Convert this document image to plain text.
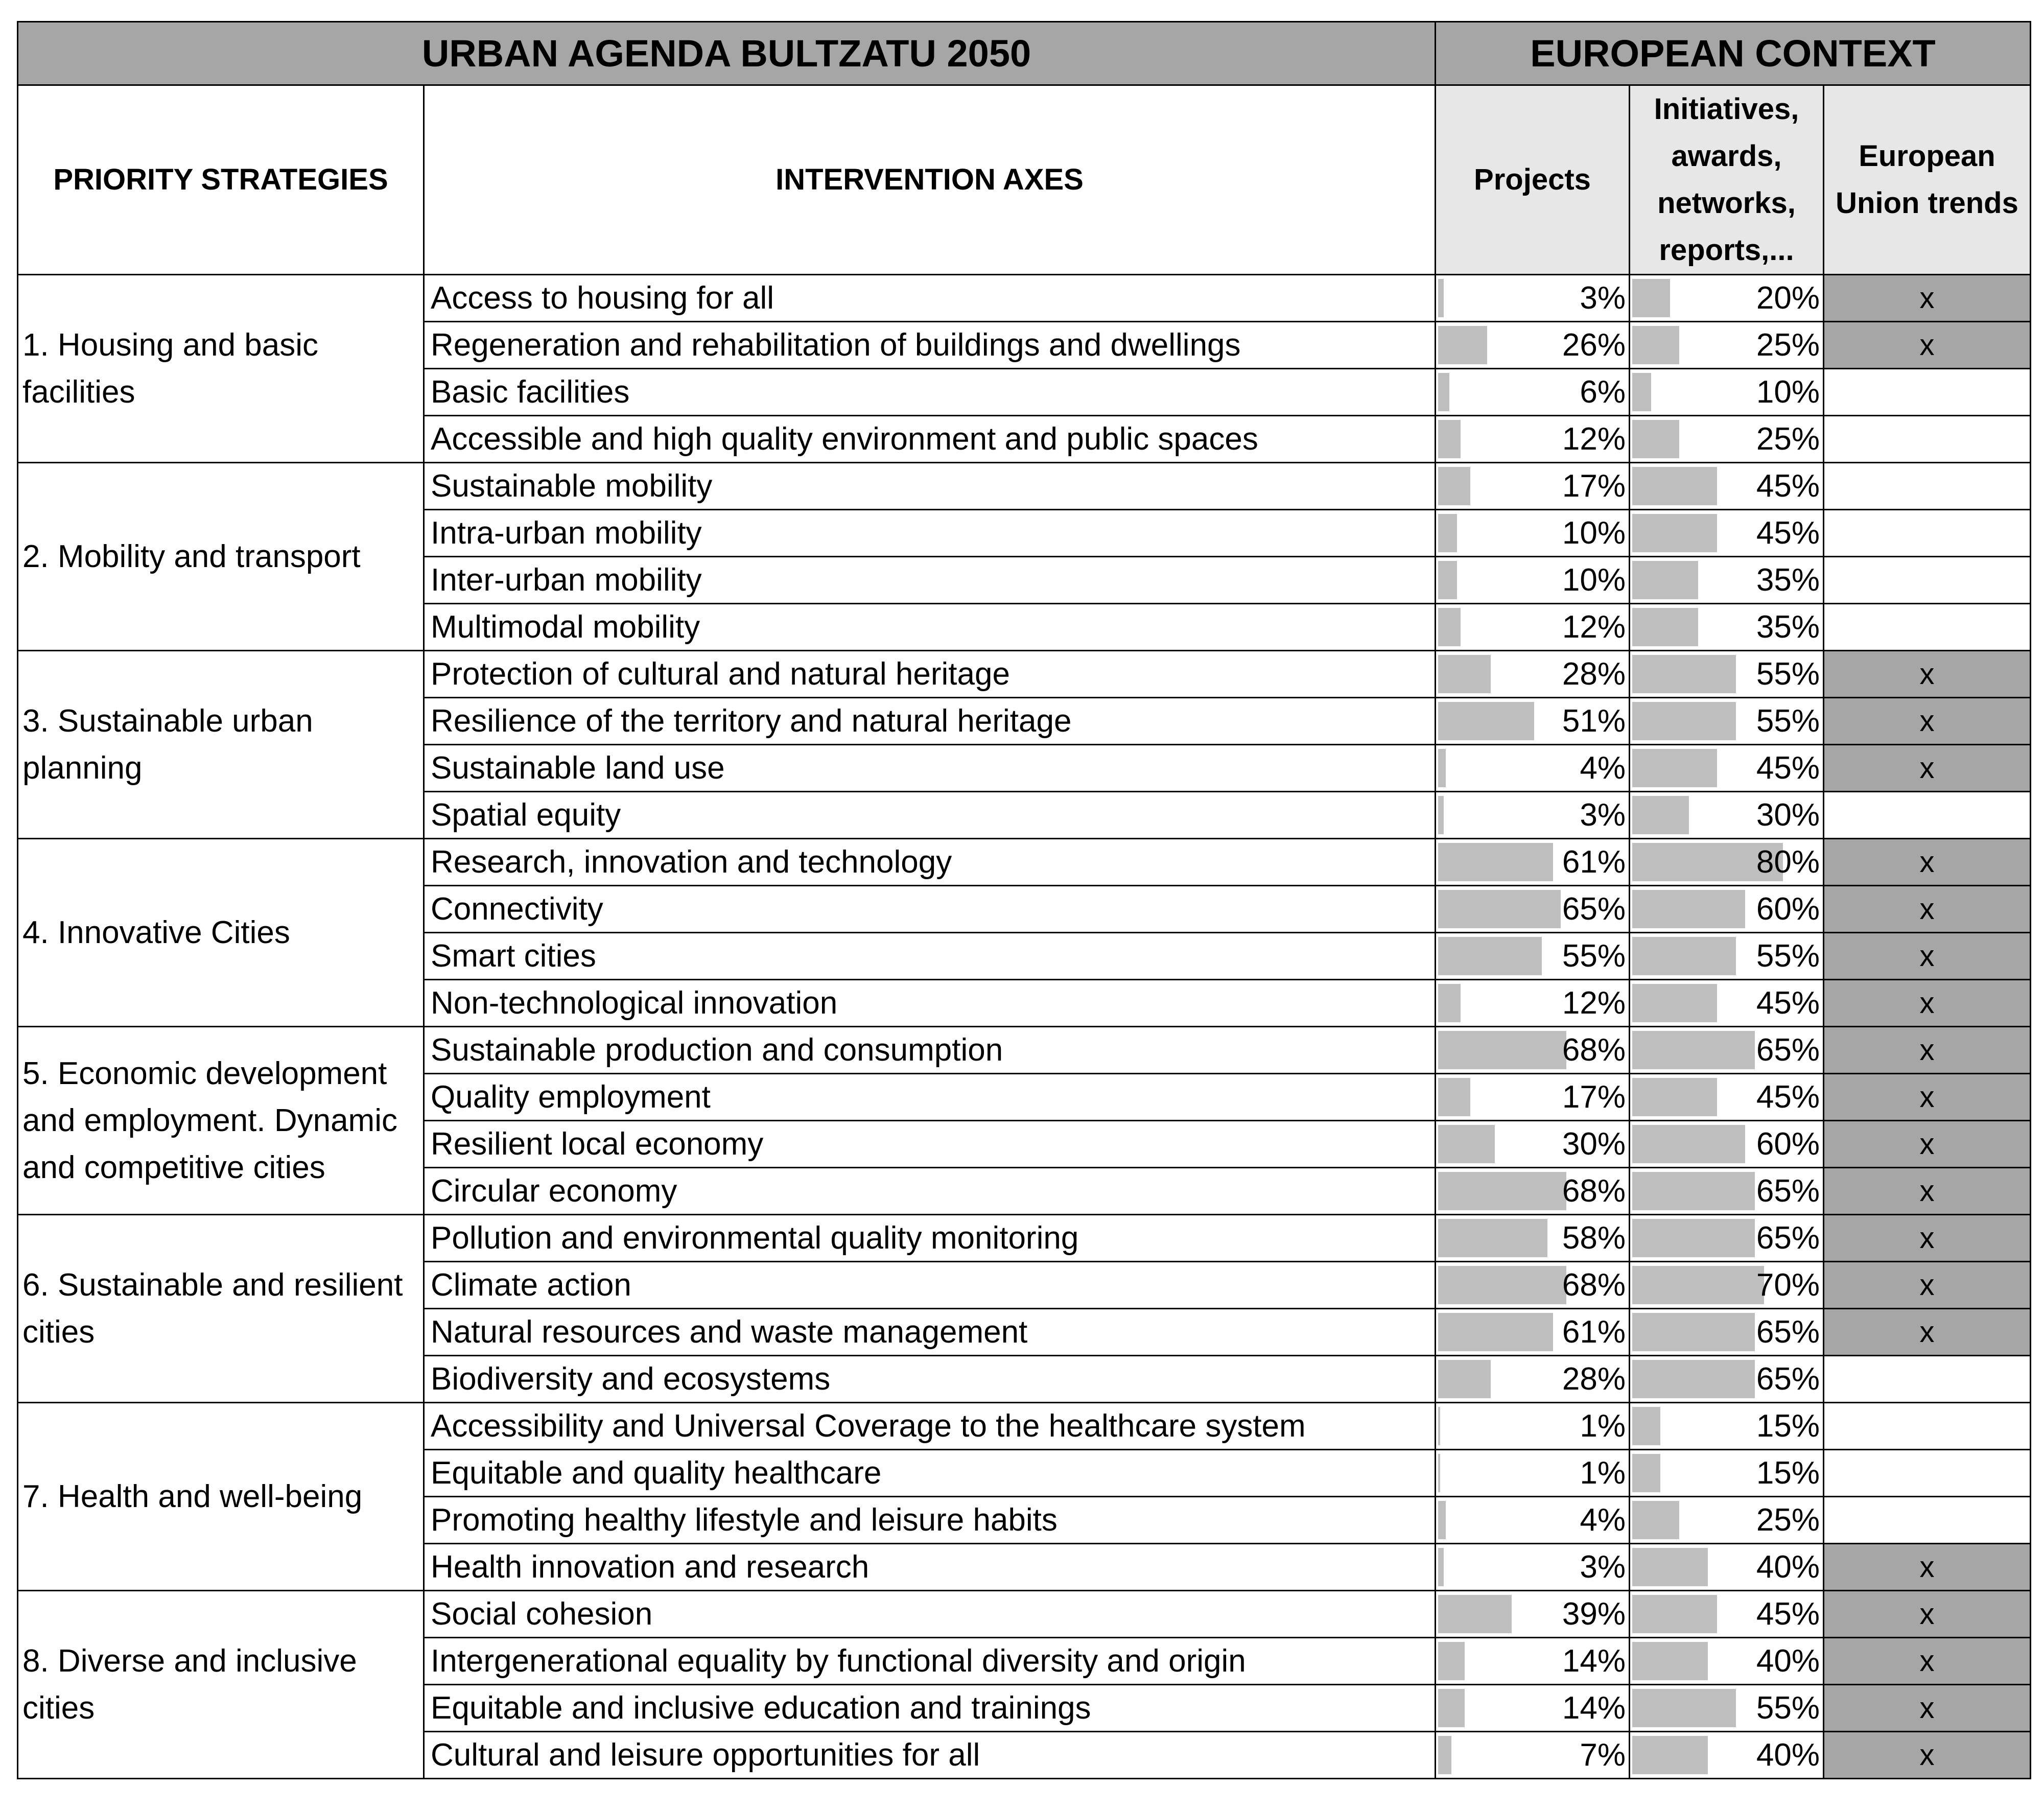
URBAN AGENDA BULTZATU 2050		EUROPEAN CONTEXT		
PRIORITY STRATEGIES	INTERVENTION AXES	Projects	Initiatives, awards, networks, reports,...	European Union trends
1. Housing and basic facilities	Access to housing for all	3%	20%	x
	Regeneration and rehabilitation of buildings and dwellings	26%	25%	x
	Basic facilities	6%	10%	
	Accessible and high quality environment and public spaces	12%	25%	
2. Mobility and transport	Sustainable mobility	17%	45%	
	Intra-urban mobility	10%	45%	
	Inter-urban mobility	10%	35%	
	Multimodal mobility	12%	35%	
3. Sustainable urban planning	Protection of cultural and natural heritage	28%	55%	x
	Resilience of the territory and natural heritage	51%	55%	x
	Sustainable land use	4%	45%	x
	Spatial equity	3%	30%	
4. Innovative Cities	Research, innovation and technology	61%	80%	x
	Connectivity	65%	60%	x
	Smart cities	55%	55%	x
	Non-technological innovation	12%	45%	x
5. Economic development and employment. Dynamic and competitive cities	Sustainable production and consumption	68%	65%	x
	Quality employment	17%	45%	x
	Resilient local economy	30%	60%	x
	Circular economy	68%	65%	x
6. Sustainable and resilient cities	Pollution and environmental quality monitoring	58%	65%	x
	Climate action	68%	70%	x
	Natural resources and waste management	61%	65%	x
	Biodiversity and ecosystems	28%	65%	
7. Health and well-being	Accessibility and Universal Coverage to the healthcare system	1%	15%	
	Equitable and quality healthcare	1%	15%	
	Promoting healthy lifestyle and leisure habits	4%	25%	
	Health innovation and research	3%	40%	x
8. Diverse and inclusive cities	Social cohesion	39%	45%	x
	Intergenerational equality by functional diversity and origin	14%	40%	x
	Equitable and inclusive education and trainings	14%	55%	x
	Cultural and leisure opportunities for all	7%	40%	x
